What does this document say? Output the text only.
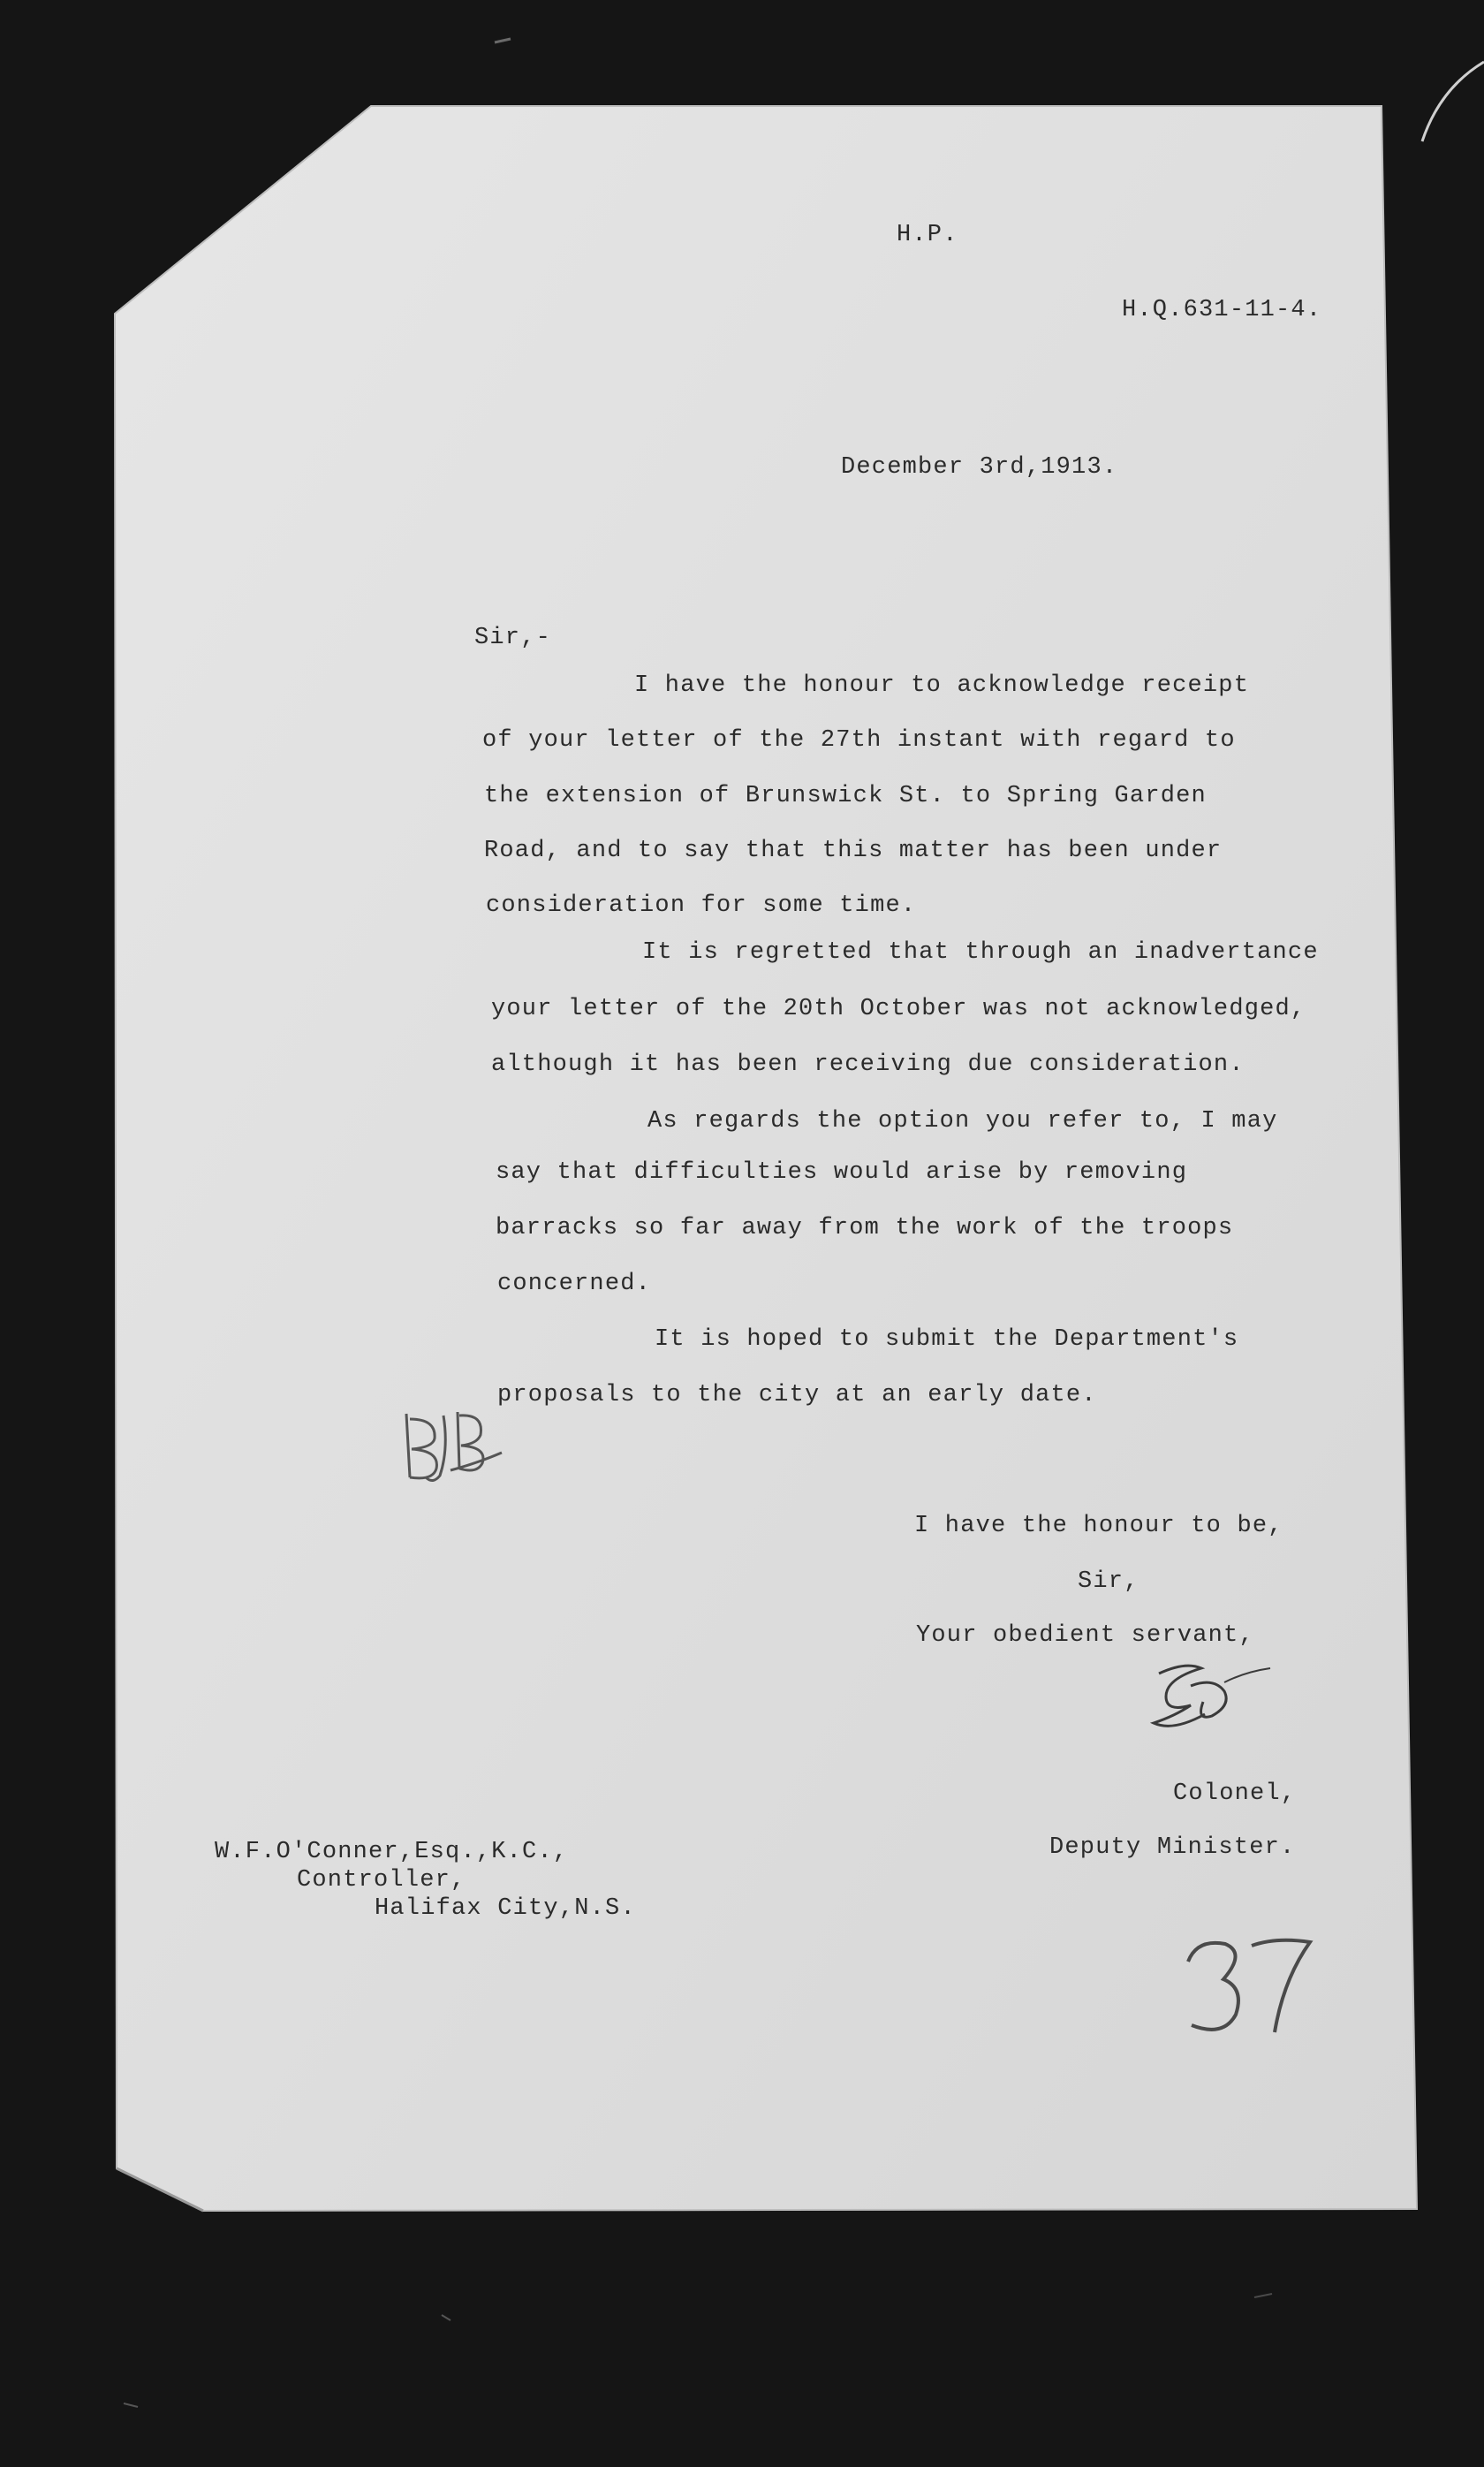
H.P.
H.Q.631-11-4.
December 3rd,1913.
Sir,-
I have the honour to acknowledge receipt
of your letter of the 27th instant with regard to
the extension of Brunswick St. to Spring Garden
Road, and to say that this matter has been under
consideration for some time.
It is regretted that through an inadvertance
your letter of the 20th October was not acknowledged,
although it has been receiving due consideration.
As regards the option you refer to, I may
say that difficulties would arise by removing
barracks so far away from the work of the troops
concerned.
It is hoped to submit the Department's
proposals to the city at an early date.
I have the honour to be,
Sir,
Your obedient servant,
Colonel,
Deputy Minister.
W.F.O'Conner,Esq.,K.C.,
Controller,
Halifax City,N.S.
